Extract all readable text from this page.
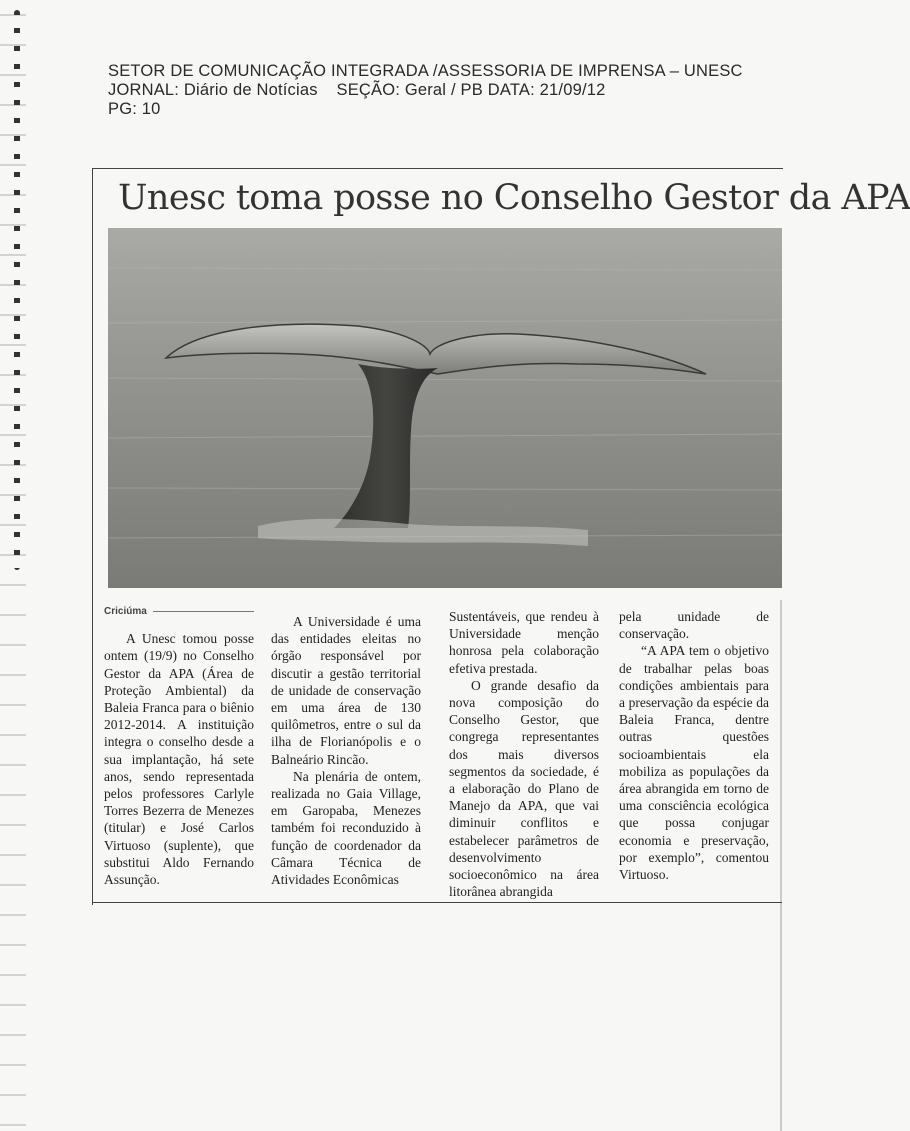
SETOR DE COMUNICAÇÃO INTEGRADA /ASSESSORIA DE IMPRENSA – UNESC
JORNAL: Diário de Notícias SEÇÃO: Geral / PB DATA: 21/09/12
PG: 10
Unesc toma posse no Conselho Gestor da APA
Criciúma

A Unesc tomou posse ontem (19/9) no Conselho Gestor da APA (Área de Proteção Ambiental) da Baleia Franca para o biênio 2012-2014. A instituição integra o conselho desde a sua implantação, há sete anos, sendo representada pelos professores Carlyle Torres Bezerra de Menezes (titular) e José Carlos Virtuoso (suplente), que substitui Aldo Fernando Assunção.

A Universidade é uma das entidades eleitas no órgão responsável por discutir a gestão territorial de unidade de conservação em uma área de 130 quilômetros, entre o sul da ilha de Florianópolis e o Balneário Rincão.

Na plenária de ontem, realizada no Gaia Village, em Garopaba, Menezes também foi reconduzido à função de coordenador da Câmara Técnica de Atividades Econômicas

Sustentáveis, que rendeu à Universidade menção honrosa pela colaboração efetiva prestada.

O grande desafio da nova composição do Conselho Gestor, que congrega representantes dos mais diversos segmentos da sociedade, é a elaboração do Plano de Manejo da APA, que vai diminuir conflitos e estabelecer parâmetros de desenvolvimento socioeconômico na área litorânea abrangida

pela unidade de conservação.

“A APA tem o objetivo de trabalhar pelas boas condições ambientais para a preservação da espécie da Baleia Franca, dentre outras questões socioambientais ela mobiliza as populações da área abrangida em torno de uma consciência ecológica que possa conjugar economia e preservação, por exemplo”, comentou Virtuoso.
